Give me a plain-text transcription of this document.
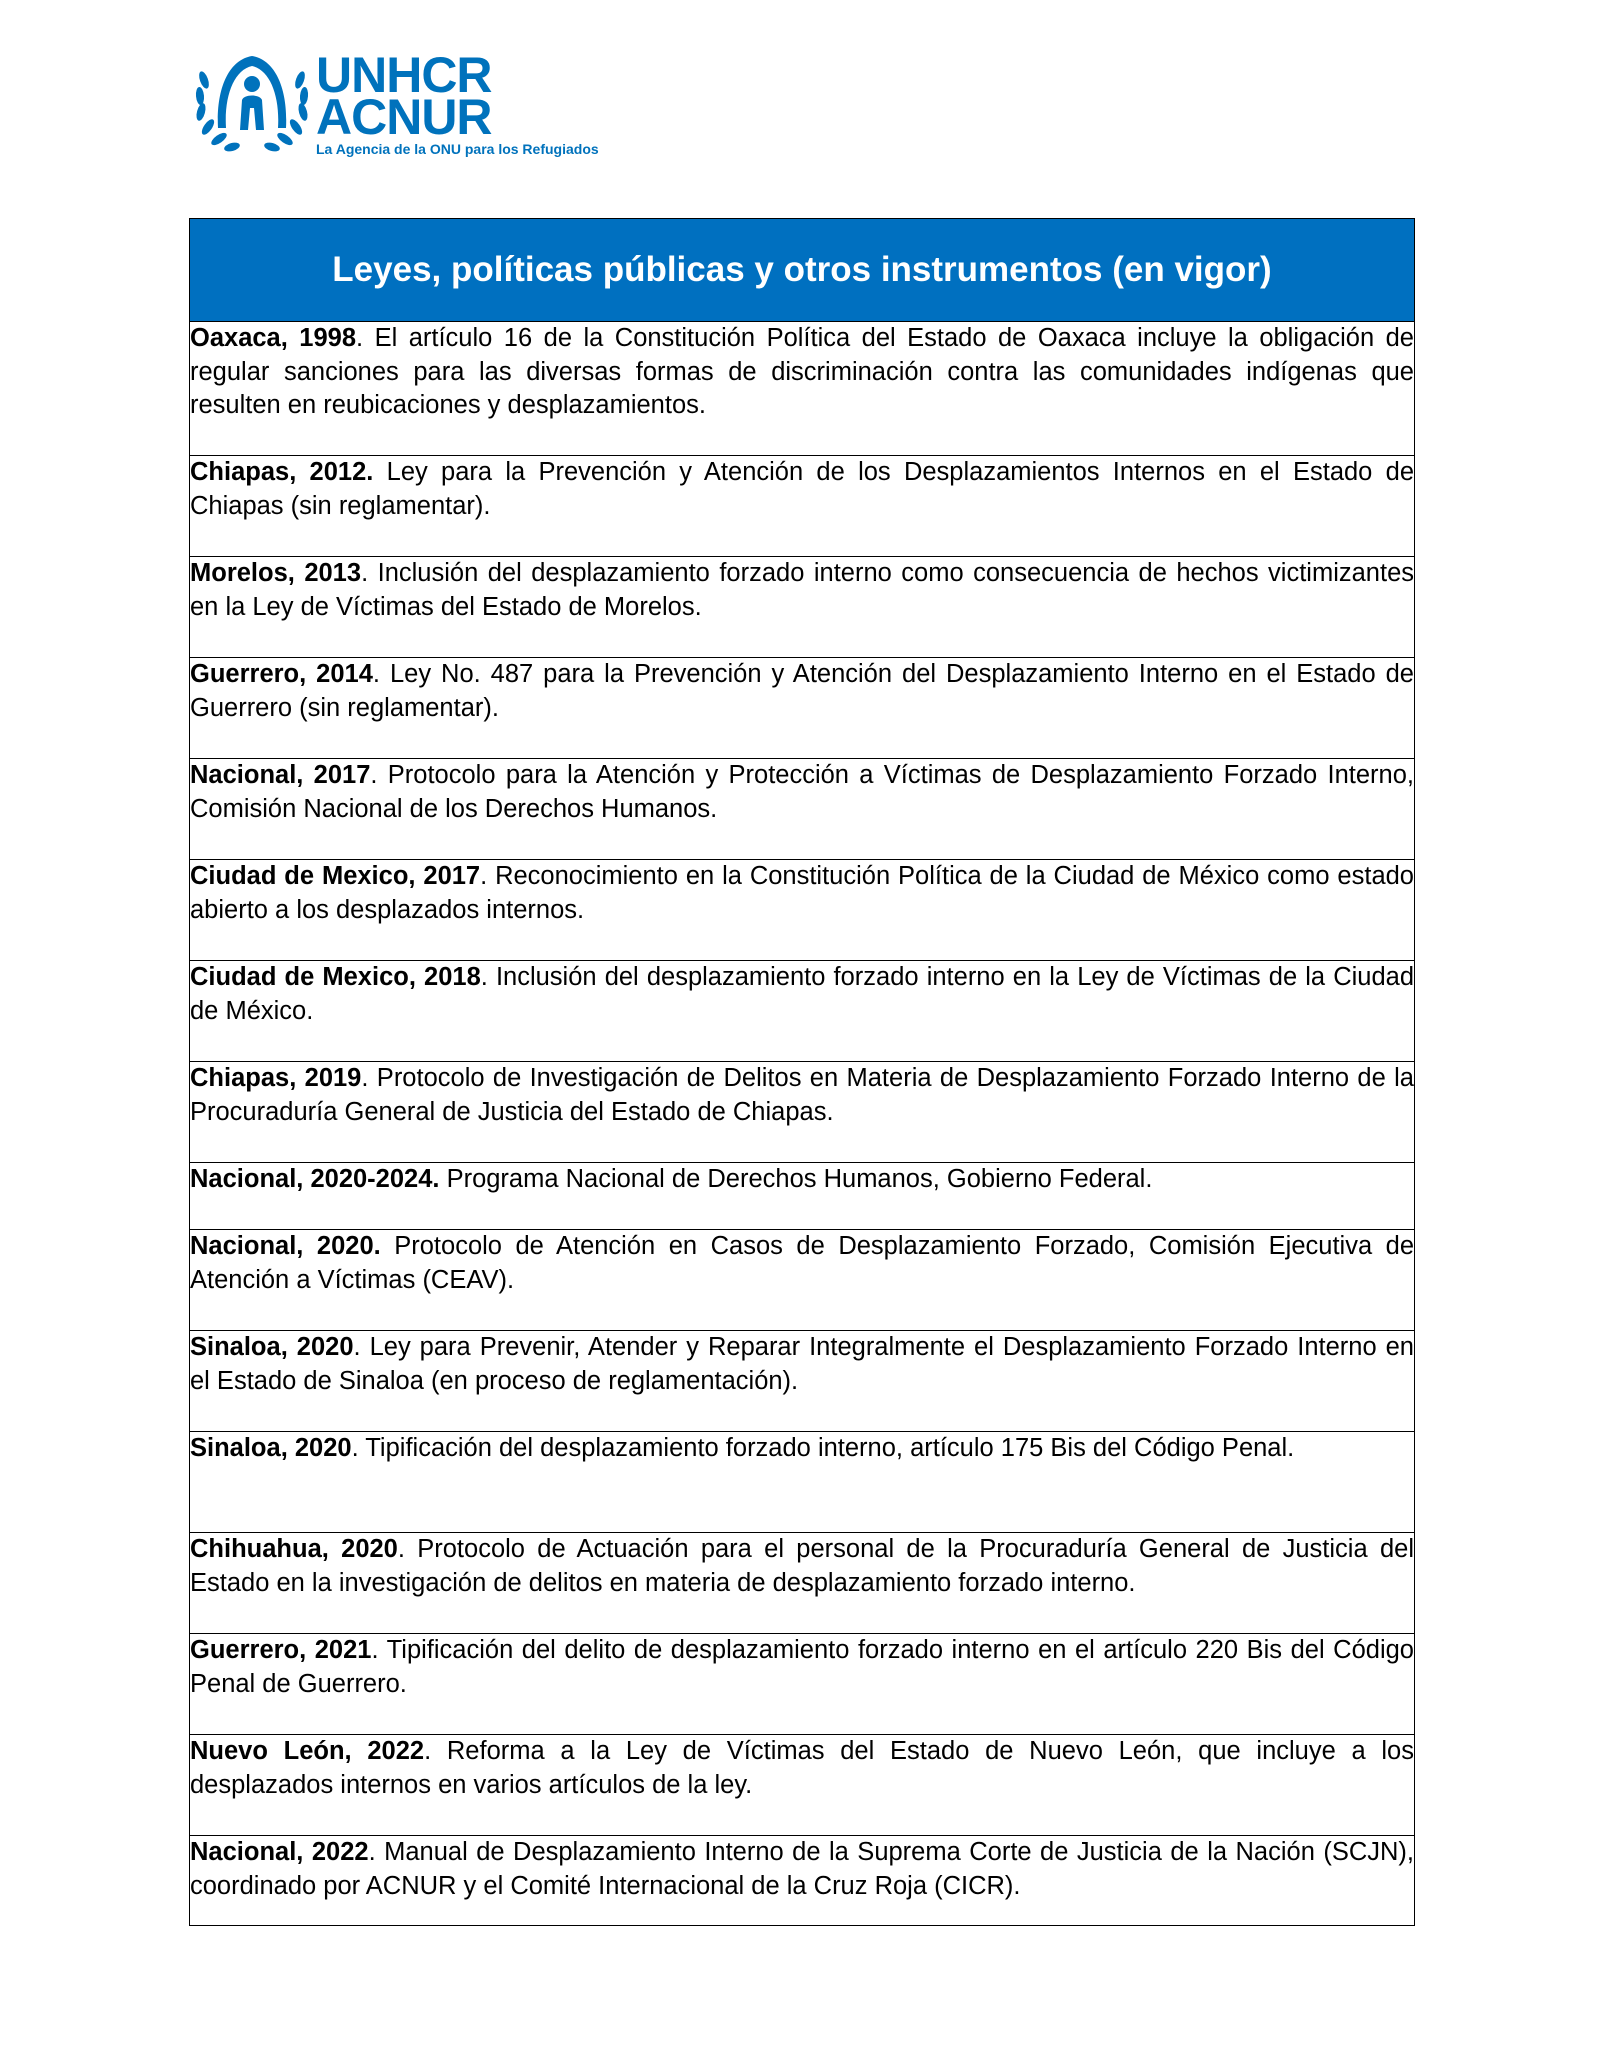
UNHCR
ACNUR
La Agencia de la ONU para los Refugiados
Leyes, políticas públicas y otros instrumentos (en vigor)
Oaxaca, 1998. El artículo 16 de la Constitución Política del Estado de Oaxaca incluye la obligación de regular sanciones para las diversas formas de discriminación contra las comunidades indígenas que resulten en reubicaciones y desplazamientos.
Chiapas, 2012. Ley para la Prevención y Atención de los Desplazamientos Internos en el Estado de Chiapas (sin reglamentar).
Morelos, 2013. Inclusión del desplazamiento forzado interno como consecuencia de hechos victimizantes en la Ley de Víctimas del Estado de Morelos.
Guerrero, 2014. Ley No. 487 para la Prevención y Atención del Desplazamiento Interno en el Estado de Guerrero (sin reglamentar).
Nacional, 2017. Protocolo para la Atención y Protección a Víctimas de Desplazamiento Forzado Interno, Comisión Nacional de los Derechos Humanos.
Ciudad de Mexico, 2017. Reconocimiento en la Constitución Política de la Ciudad de México como estado abierto a los desplazados internos.
Ciudad de Mexico, 2018. Inclusión del desplazamiento forzado interno en la Ley de Víctimas de la Ciudad de México.
Chiapas, 2019. Protocolo de Investigación de Delitos en Materia de Desplazamiento Forzado Interno de la Procuraduría General de Justicia del Estado de Chiapas.
Nacional, 2020-2024. Programa Nacional de Derechos Humanos, Gobierno Federal.
Nacional, 2020. Protocolo de Atención en Casos de Desplazamiento Forzado, Comisión Ejecutiva de Atención a Víctimas (CEAV).
Sinaloa, 2020. Ley para Prevenir, Atender y Reparar Integralmente el Desplazamiento Forzado Interno en el Estado de Sinaloa (en proceso de reglamentación).
Sinaloa, 2020. Tipificación del desplazamiento forzado interno, artículo 175 Bis del Código Penal.
Chihuahua, 2020. Protocolo de Actuación para el personal de la Procuraduría General de Justicia del Estado en la investigación de delitos en materia de desplazamiento forzado interno.
Guerrero, 2021. Tipificación del delito de desplazamiento forzado interno en el artículo 220 Bis del Código Penal de Guerrero.
Nuevo León, 2022. Reforma a la Ley de Víctimas del Estado de Nuevo León, que incluye a los desplazados internos en varios artículos de la ley.
Nacional, 2022. Manual de Desplazamiento Interno de la Suprema Corte de Justicia de la Nación (SCJN), coordinado por ACNUR y el Comité Internacional de la Cruz Roja (CICR).
